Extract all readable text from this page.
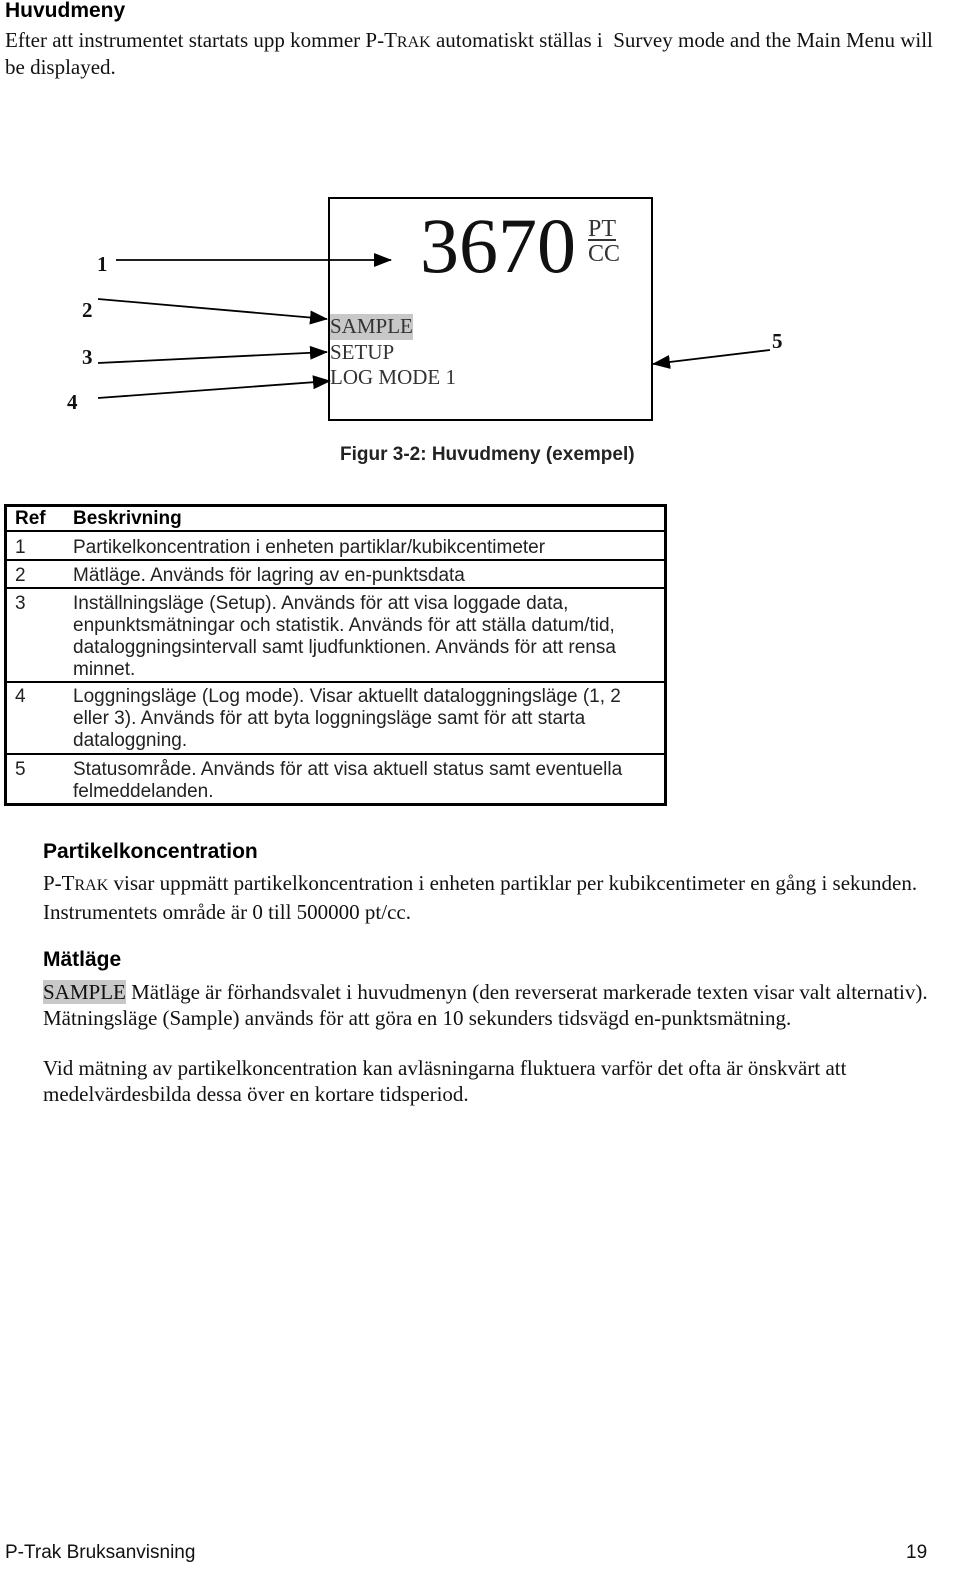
Huvudmeny
Efter att instrumentet startats upp kommer P-TRAK automatiskt ställas i  Survey mode and the Main Menu will
be displayed.
1
2
3
4
5
3670 PT
CC
SAMPLE
SETUP
LOG MODE 1
Figur 3-2: Huvudmeny (exempel)
Ref	Beskrivning
1	Partikelkoncentration i enheten partiklar/kubikcentimeter
2	Mätläge. Används för lagring av en-punktsdata
3	Inställningsläge (Setup). Används för att visa loggade data,
enpunktsmätningar och statistik. Används för att ställa datum/tid,
dataloggningsintervall samt ljudfunktionen. Används för att rensa
minnet.
4	Loggningsläge (Log mode). Visar aktuellt dataloggningsläge (1, 2
eller 3). Används för att byta loggningsläge samt för att starta
dataloggning.
5	Statusområde. Används för att visa aktuell status samt eventuella
felmeddelanden.
Partikelkoncentration
P-TRAK visar uppmätt partikelkoncentration i enheten partiklar per kubikcentimeter en gång i sekunden.
Instrumentets område är 0 till 500000 pt/cc.
Mätläge
SAMPLE Mätläge är förhandsvalet i huvudmenyn (den reverserat markerade texten visar valt alternativ).
Mätningsläge (Sample) används för att göra en 10 sekunders tidsvägd en-punktsmätning.
Vid mätning av partikelkoncentration kan avläsningarna fluktuera varför det ofta är önskvärt att
medelvärdesbilda dessa över en kortare tidsperiod.
P-Trak Bruksanvisning	19
